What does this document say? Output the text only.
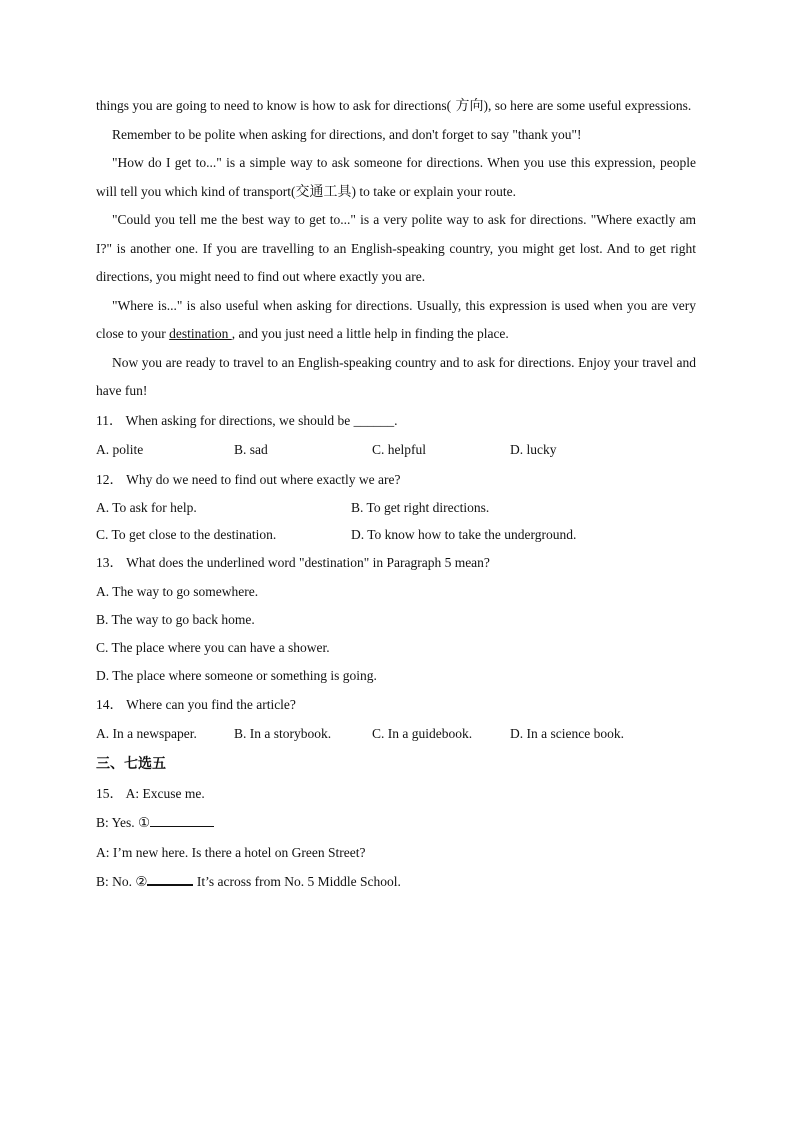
things you are going to need to know is how to ask for directions( 方向), so here are some useful expressions.

Remember to be polite when asking for directions, and don't forget to say "thank you"!

"How do I get to..." is a simple way to ask someone for directions. When you use this expression, people will tell you which kind of transport(交通工具) to take or explain your route.

"Could you tell me the best way to get to..." is a very polite way to ask for directions. "Where exactly am I?" is another one. If you are travelling to an English-speaking country, you might get lost. And to get right directions, you might need to find out where exactly you are.

"Where is..." is also useful when asking for directions. Usually, this expression is used when you are very close to your destination , and you just need a little help in finding the place.

Now you are ready to travel to an English-speaking country and to ask for directions. Enjoy your travel and have fun!

11． When asking for directions, we should be ______.

A. polite	B. sad	C. helpful	D. lucky

12． Why do we need to find out where exactly we are?

A. To ask for help.	B. To get right directions.
C. To get close to the destination.	D. To know how to take the underground.

13． What does the underlined word "destination" in Paragraph 5 mean?

A. The way to go somewhere.

B. The way to go back home.

C. The place where you can have a shower.

D. The place where someone or something is going.

14． Where can you find the article?

A. In a newspaper.	B. In a storybook.	C. In a guidebook.	D. In a science book.

三、七选五

15． A: Excuse me.

B: Yes. ①

A: I’m new here. Is there a hotel on Green Street?

B: No. ②	It’s across from No. 5 Middle School.
